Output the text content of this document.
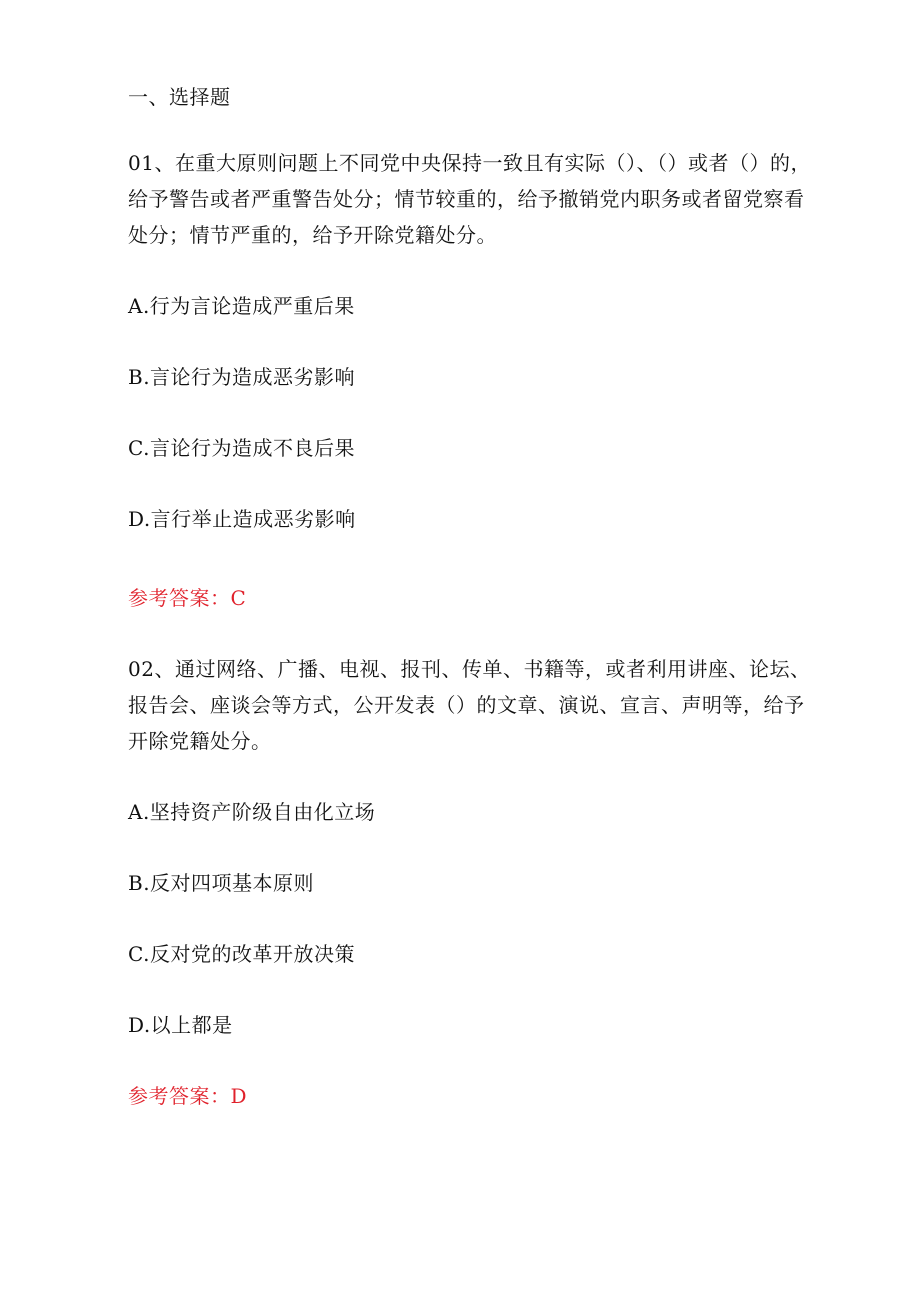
一、选择题
01、在重大原则问题上不同党中央保持一致且有实际（）、（）或者（）的，
给予警告或者严重警告处分；情节较重的，给予撤销党内职务或者留党察看
处分；情节严重的，给予开除党籍处分。
A.行为言论造成严重后果
B.言论行为造成恶劣影响
C.言论行为造成不良后果
D.言行举止造成恶劣影响
参考答案：C
02、通过网络、广播、电视、报刊、传单、书籍等，或者利用讲座、论坛、
报告会、座谈会等方式，公开发表（）的文章、演说、宣言、声明等，给予
开除党籍处分。
A.坚持资产阶级自由化立场
B.反对四项基本原则
C.反对党的改革开放决策
D.以上都是
参考答案：D
